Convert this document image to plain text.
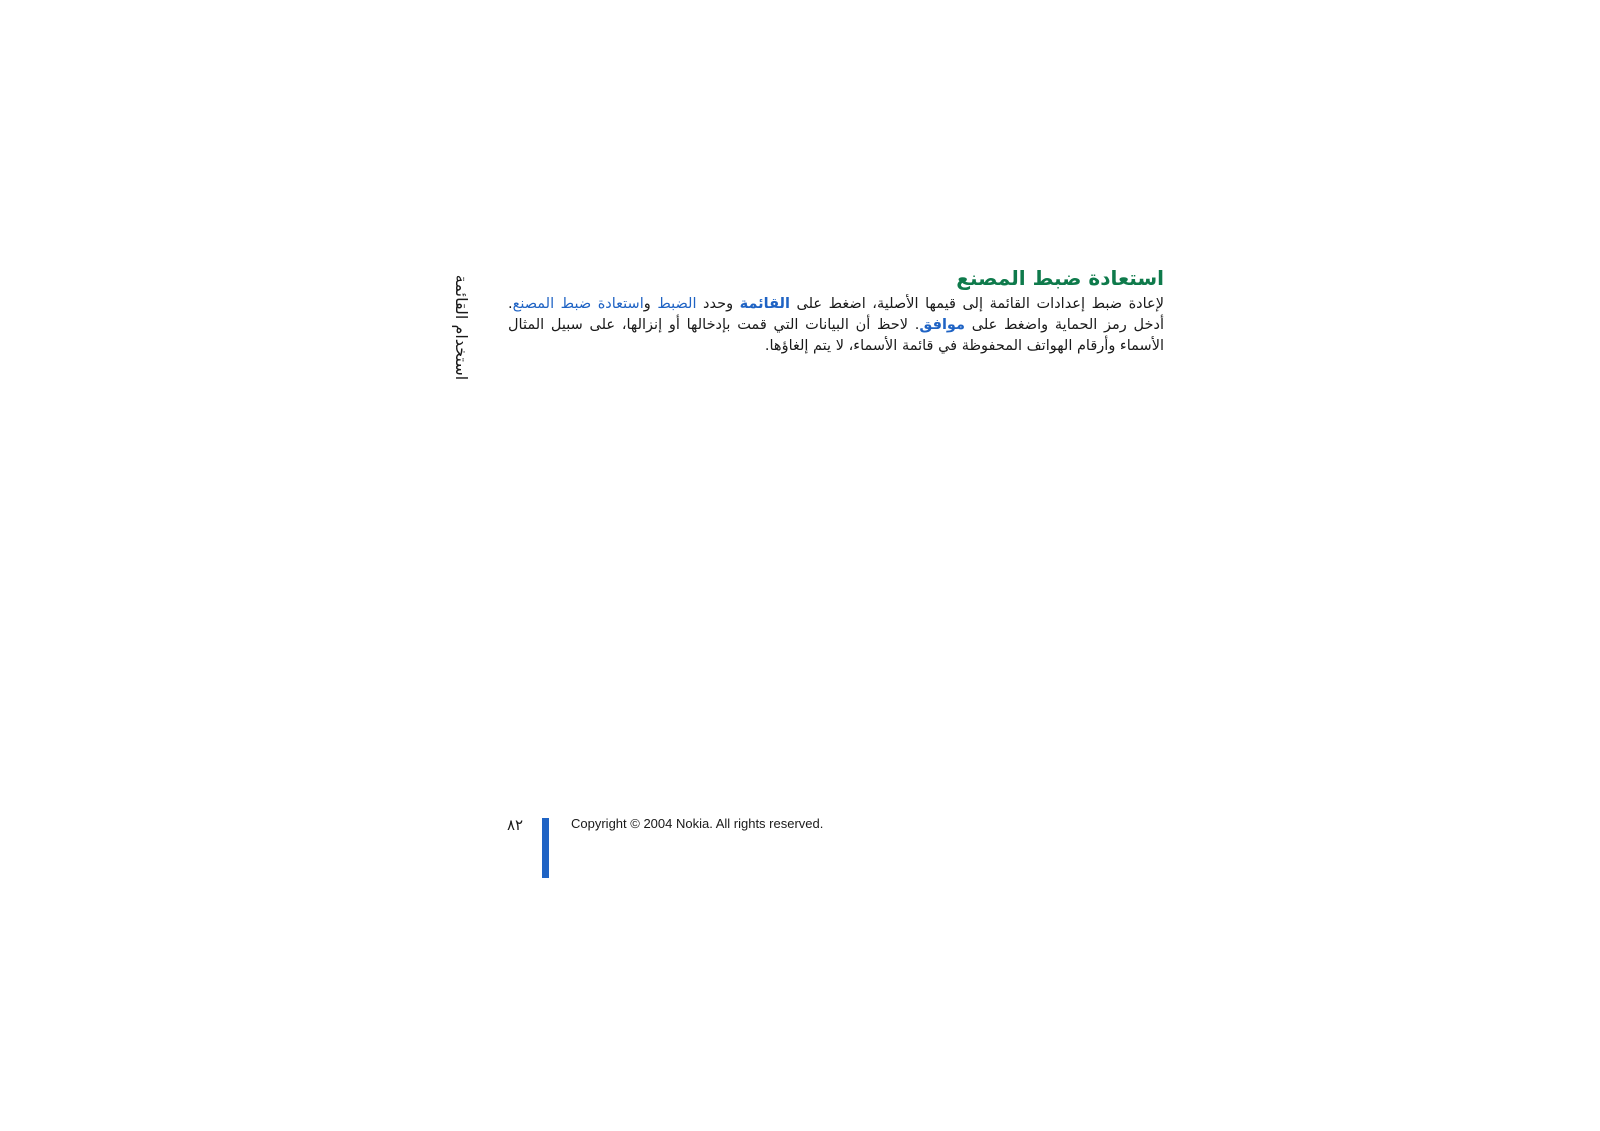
استخدام القائمة	استعادة ضبط المصنع

لإعادة ضبط إعدادات القائمة إلى قيمها الأصلية، اضغط على القائمة وحدد الضبط واستعادة ضبط المصنع. أدخل رمز الحماية واضغط على موافق. لاحظ أن البيانات التي قمت بإدخالها أو إنزالها، على سبيل المثال الأسماء وأرقام الهواتف المحفوظة في قائمة الأسماء، لا يتم إلغاؤها.

٨٢	Copyright © 2004 Nokia. All rights reserved.
